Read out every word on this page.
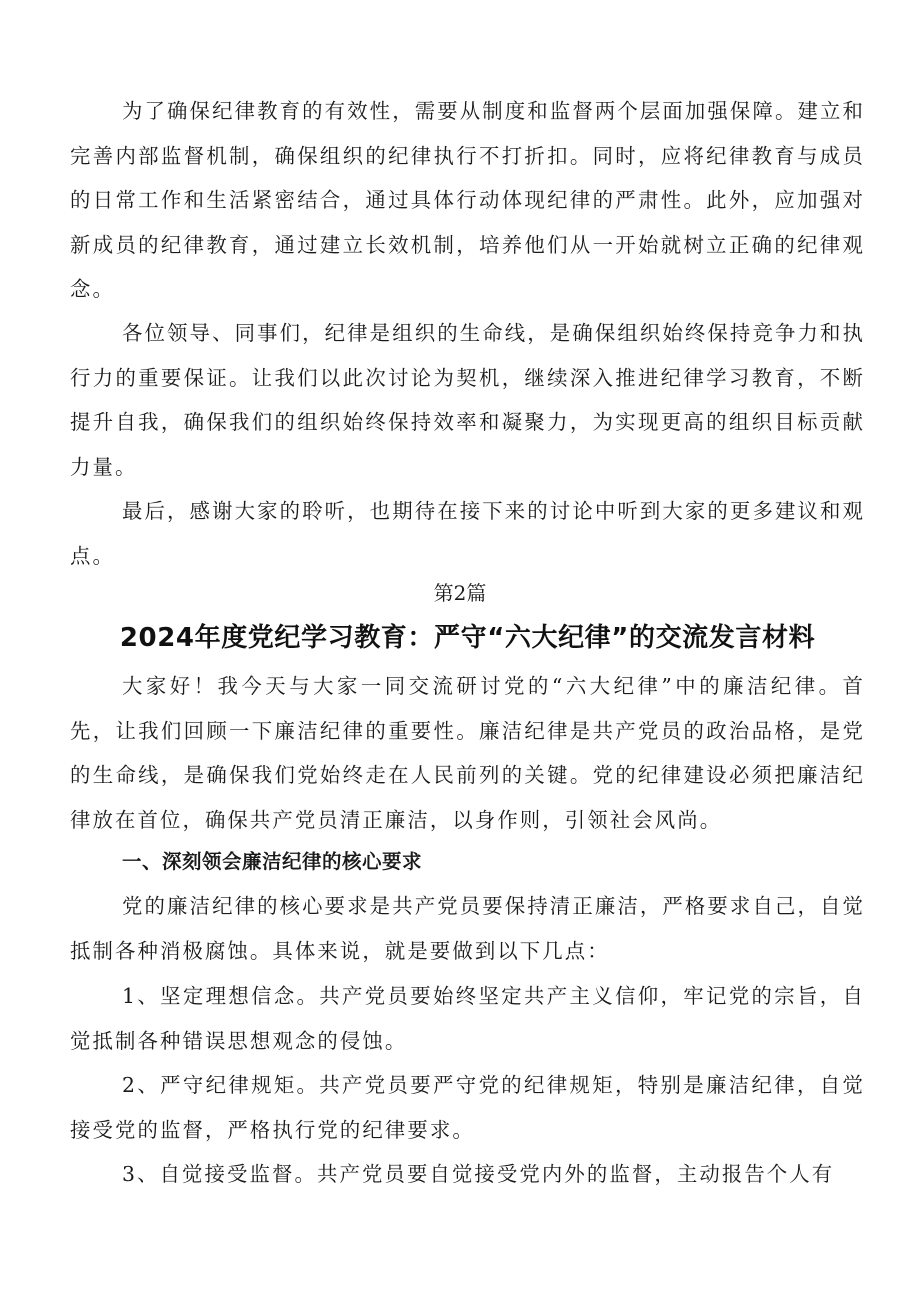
为了确保纪律教育的有效性，需要从制度和监督两个层面加强保障。建立和完善内部监督机制，确保组织的纪律执行不打折扣。同时，应将纪律教育与成员的日常工作和生活紧密结合，通过具体行动体现纪律的严肃性。此外，应加强对新成员的纪律教育，通过建立长效机制，培养他们从一开始就树立正确的纪律观念。

各位领导、同事们，纪律是组织的生命线，是确保组织始终保持竞争力和执行力的重要保证。让我们以此次讨论为契机，继续深入推进纪律学习教育，不断提升自我，确保我们的组织始终保持效率和凝聚力，为实现更高的组织目标贡献力量。

最后，感谢大家的聆听，也期待在接下来的讨论中听到大家的更多建议和观点。

第2篇

2024年度党纪学习教育：严守“六大纪律”的交流发言材料

大家好！我今天与大家一同交流研讨党的“六大纪律”中的廉洁纪律。首先，让我们回顾一下廉洁纪律的重要性。廉洁纪律是共产党员的政治品格，是党的生命线，是确保我们党始终走在人民前列的关键。党的纪律建设必须把廉洁纪律放在首位，确保共产党员清正廉洁，以身作则，引领社会风尚。

一、深刻领会廉洁纪律的核心要求

党的廉洁纪律的核心要求是共产党员要保持清正廉洁，严格要求自己，自觉抵制各种消极腐蚀。具体来说，就是要做到以下几点：

1、坚定理想信念。共产党员要始终坚定共产主义信仰，牢记党的宗旨，自觉抵制各种错误思想观念的侵蚀。

2、严守纪律规矩。共产党员要严守党的纪律规矩，特别是廉洁纪律，自觉接受党的监督，严格执行党的纪律要求。

3、自觉接受监督。共产党员要自觉接受党内外的监督，主动报告个人有
